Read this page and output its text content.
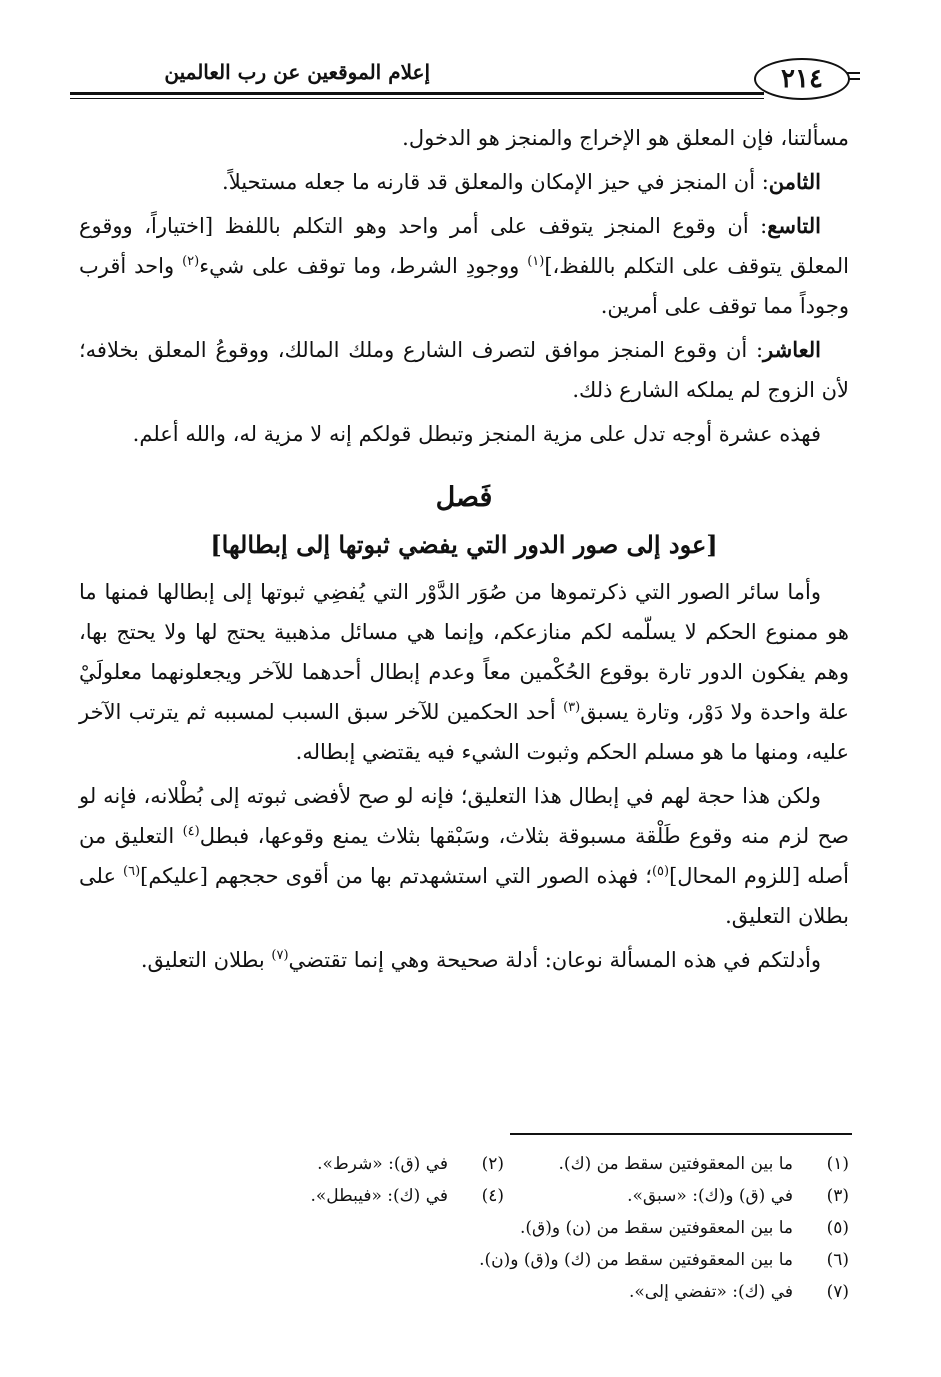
٢١٤
إعلام الموقعين عن رب العالمين

مسألتنا، فإن المعلق هو الإخراج والمنجز هو الدخول.

الثامن: أن المنجز في حيز الإمكان والمعلق قد قارنه ما جعله مستحيلاً.

التاسع: أن وقوع المنجز يتوقف على أمر واحد وهو التكلم باللفظ [اختياراً، ووقوع المعلق يتوقف على التكلم باللفظ،]$^{(١)}$ ووجودِ الشرط، وما توقف على شيء$^{(٢)}$ واحد أقرب وجوداً مما توقف على أمرين.

العاشر: أن وقوع المنجز موافق لتصرف الشارع وملك المالك، ووقوعُ المعلق بخلافه؛ لأن الزوج لم يملكه الشارع ذلك.

فهذه عشرة أوجه تدل على مزية المنجز وتبطل قولكم إنه لا مزية له، والله أعلم.

فَصل
[عود إلى صور الدور التي يفضي ثبوتها إلى إبطالها]

وأما سائر الصور التي ذكرتموها من صُوَر الدَّوْر التي يُفضِي ثبوتها إلى إبطالها فمنها ما هو ممنوع الحكم لا يسلّمه لكم منازعكم، وإنما هي مسائل مذهبية يحتج لها ولا يحتج بها، وهم يفكون الدور تارة بوقوع الحُكْمين معاً وعدم إبطال أحدهما للآخر ويجعلونهما معلولَيْ علة واحدة ولا دَوْر، وتارة يسبق$^{(٣)}$ أحد الحكمين للآخر سبق السبب لمسببه ثم يترتب الآخر عليه، ومنها ما هو مسلم الحكم وثبوت الشيء فيه يقتضي إبطاله.

ولكن هذا حجة لهم في إبطال هذا التعليق؛ فإنه لو صح لأفضى ثبوته إلى بُطْلانه، فإنه لو صح لزم منه وقوع طَلْقة مسبوقة بثلاث، وسَبْقها بثلاث يمنع وقوعها، فبطل$^{(٤)}$ التعليق من أصله [للزوم المحال]$^{(٥)}$؛ فهذه الصور التي استشهدتم بها من أقوى حججهم [عليكم]$^{(٦)}$ على بطلان التعليق.

وأدلتكم في هذه المسألة نوعان: أدلة صحيحة وهي إنما تقتضي$^{(٧)}$ بطلان التعليق.

(١)
ما بين المعقوفتين سقط من (ك).
(٢)
في (ق): «شرط».
(٣)
في (ق) و(ك): «سبق».
(٤)
في (ك): «فيبطل».
(٥)
ما بين المعقوفتين سقط من (ن) و(ق).
(٦)
ما بين المعقوفتين سقط من (ك) و(ق) و(ن).
(٧)
في (ك): «تفضي إلى».
